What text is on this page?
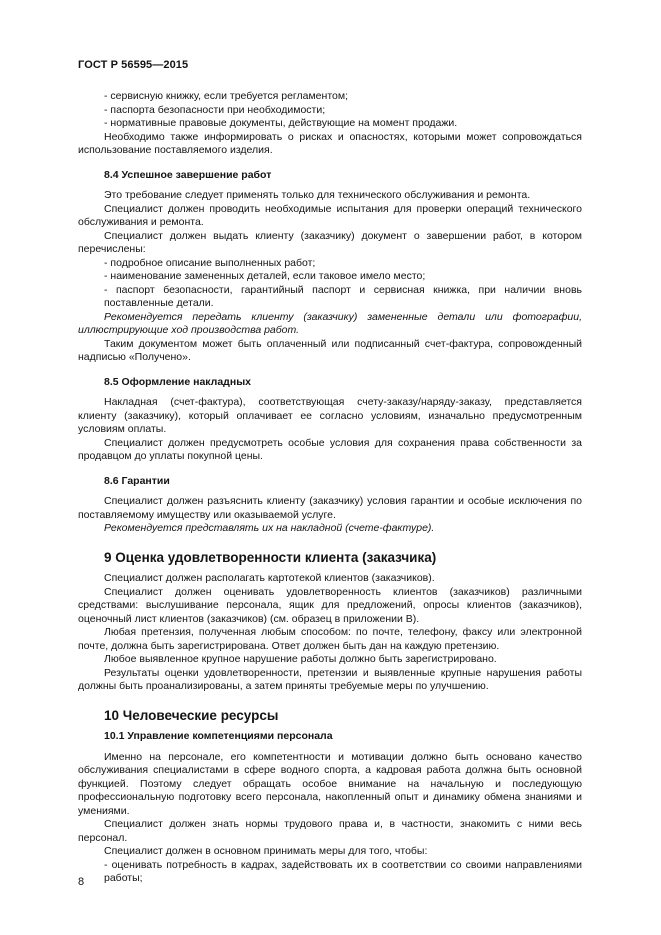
ГОСТ Р 56595—2015

- сервисную книжку, если требуется регламентом;

- паспорта безопасности при необходимости;

- нормативные правовые документы, действующие на момент продажи.

Необходимо также информировать о рисках и опасностях, которыми может сопровождаться использование поставляемого изделия.

8.4 Успешное завершение работ

Это требование следует применять только для технического обслуживания и ремонта.

Специалист должен проводить необходимые испытания для проверки операций технического обслуживания и ремонта.

Специалист должен выдать клиенту (заказчику) документ о завершении работ, в котором перечислены:

- подробное описание выполненных работ;

- наименование замененных деталей, если таковое имело место;

- паспорт безопасности, гарантийный паспорт и сервисная книжка, при наличии вновь поставленные детали.

Рекомендуется передать клиенту (заказчику) замененные детали или фотографии, иллюстрирующие ход производства работ.

Таким документом может быть оплаченный или подписанный счет-фактура, сопровожденный надписью «Получено».

8.5 Оформление накладных

Накладная (счет-фактура), соответствующая счету-заказу/наряду-заказу, представляется клиенту (заказчику), который оплачивает ее согласно условиям, изначально предусмотренным условиям оплаты.

Специалист должен предусмотреть особые условия для сохранения права собственности за продавцом до уплаты покупной цены.

8.6 Гарантии

Специалист должен разъяснить клиенту (заказчику) условия гарантии и особые исключения по поставляемому имуществу или оказываемой услуге.

Рекомендуется представлять их на накладной (счете-фактуре).

9 Оценка удовлетворенности клиента (заказчика)

Специалист должен располагать картотекой клиентов (заказчиков).

Специалист должен оценивать удовлетворенность клиентов (заказчиков) различными средствами: выслушивание персонала, ящик для предложений, опросы клиентов (заказчиков), оценочный лист клиентов (заказчиков) (см. образец в приложении В).

Любая претензия, полученная любым способом: по почте, телефону, факсу или электронной почте, должна быть зарегистрирована. Ответ должен быть дан на каждую претензию.

Любое выявленное крупное нарушение работы должно быть зарегистрировано.

Результаты оценки удовлетворенности, претензии и выявленные крупные нарушения работы должны быть проанализированы, а затем приняты требуемые меры по улучшению.

10 Человеческие ресурсы
10.1 Управление компетенциями персонала

Именно на персонале, его компетентности и мотивации должно быть основано качество обслуживания специалистами в сфере водного спорта, а кадровая работа должна быть основной функцией. Поэтому следует обращать особое внимание на начальную и последующую профессиональную подготовку всего персонала, накопленный опыт и динамику обмена знаниями и умениями.

Специалист должен знать нормы трудового права и, в частности, знакомить с ними весь персонал.

Специалист должен в основном принимать меры для того, чтобы:

- оценивать потребность в кадрах, задействовать их в соответствии со своими направлениями работы;

8
